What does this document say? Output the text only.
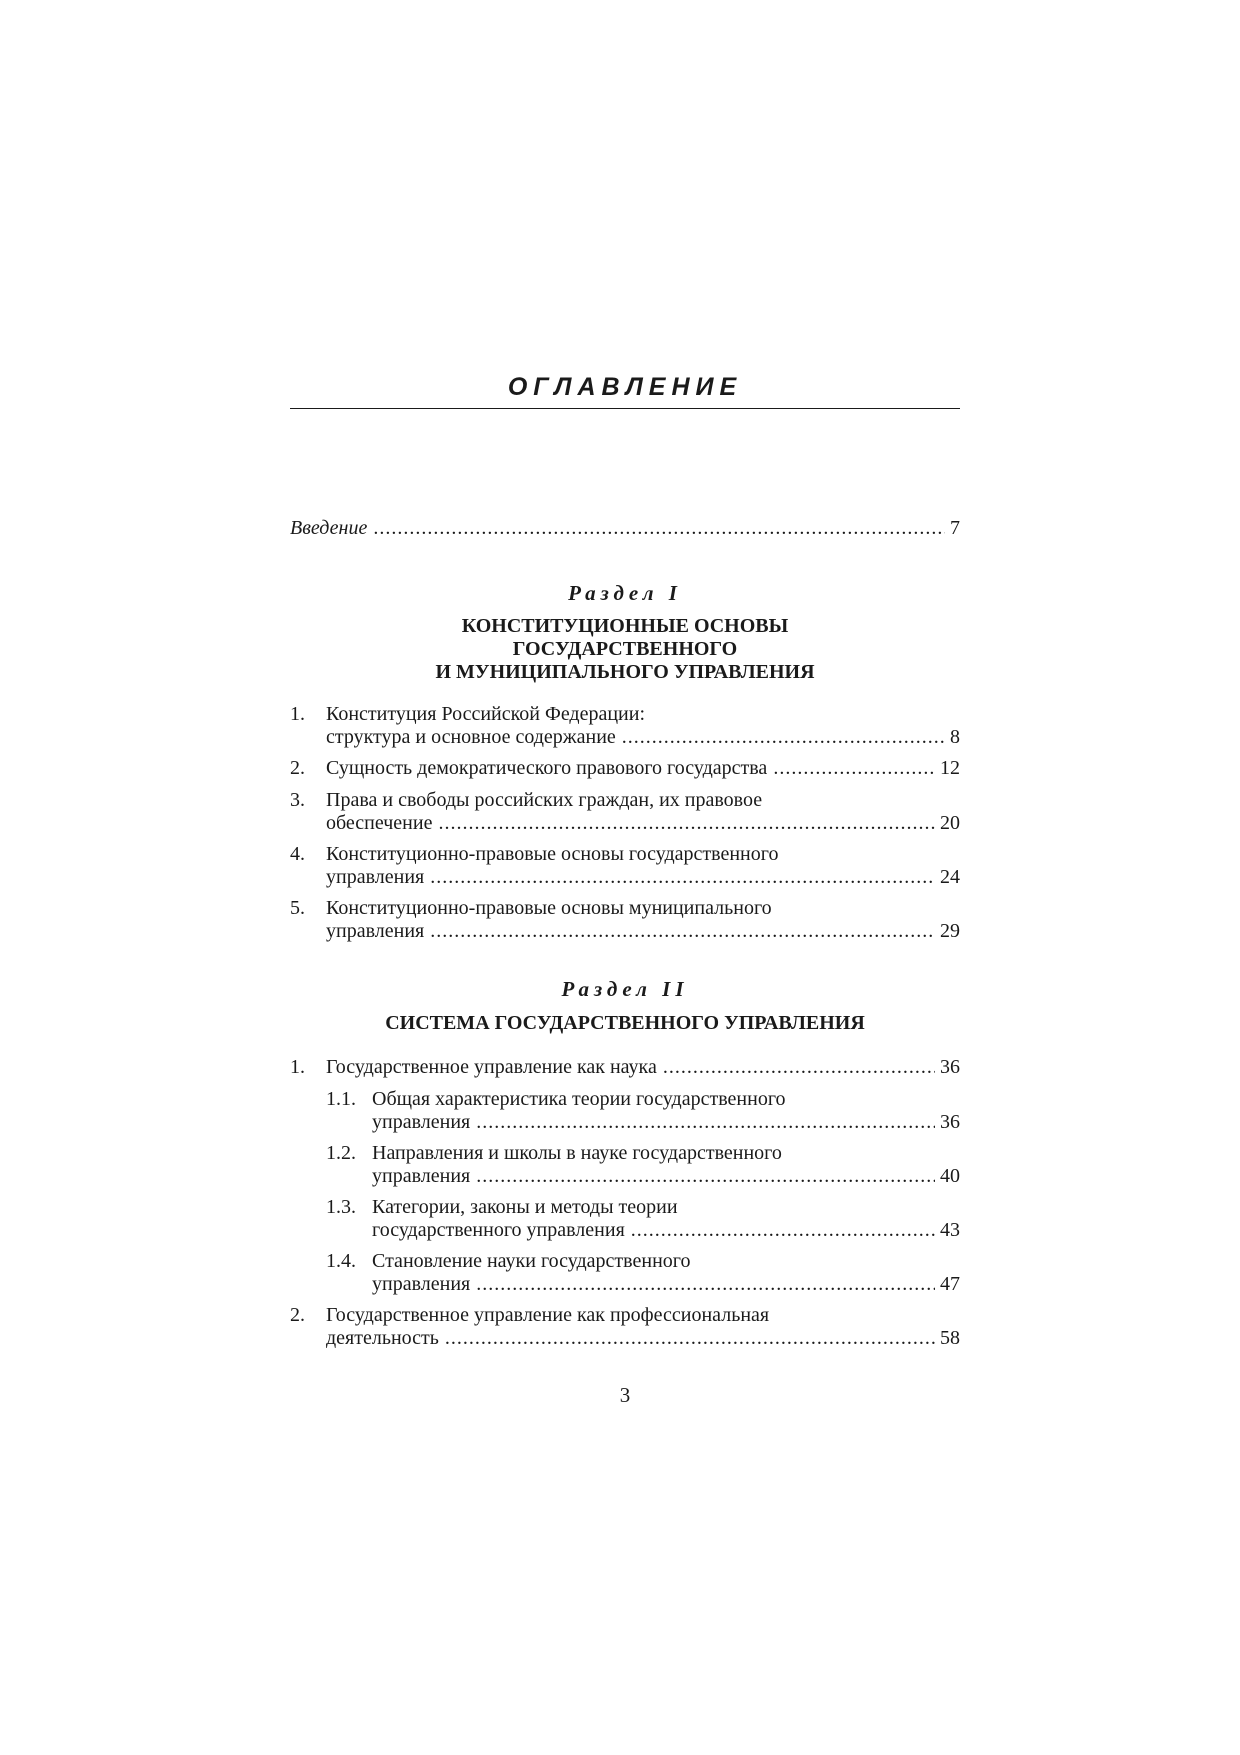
ОГЛАВЛЕНИЕ
Введение .....	7
Раздел I
КОНСТИТУЦИОННЫЕ ОСНОВЫ
ГОСУДАРСТВЕННОГО
И МУНИЦИПАЛЬНОГО УПРАВЛЕНИЯ
1.	Конституция Российской Федерации:
структура и основное содержание .....	8
2.	Сущность демократического правового государства .....	12
3.	Права и свободы российских граждан, их правовое
обеспечение .....	20
4.	Конституционно-правовые основы государственного
управления .....	24
5.	Конституционно-правовые основы муниципального
управления .....	29
Раздел II
СИСТЕМА ГОСУДАРСТВЕННОГО УПРАВЛЕНИЯ
1.	Государственное управление как наука .....	36
1.1. Общая характеристика теории государственного
управления .....	36
1.2. Направления и школы в науке государственного
управления .....	40
1.3. Категории, законы и методы теории
государственного управления .....	43
1.4. Становление науки государственного
управления .....	47
2.	Государственное управление как профессиональная
деятельность .....	58
3
